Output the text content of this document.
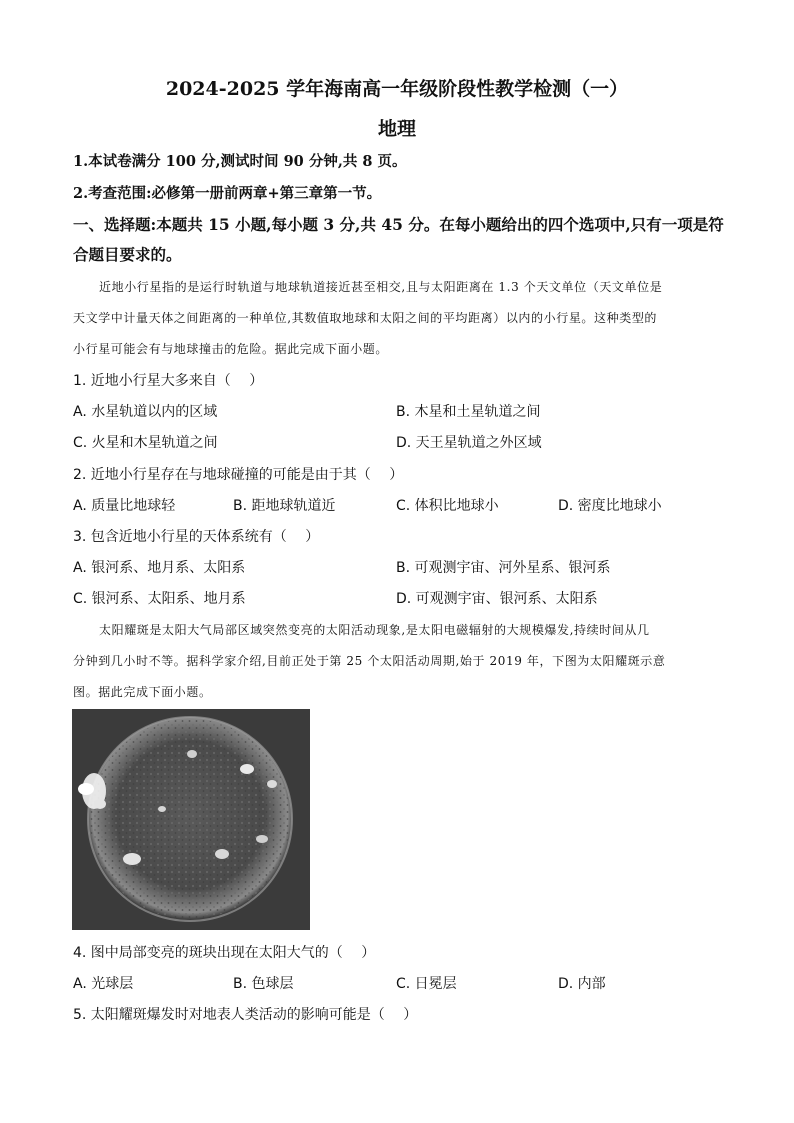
2024-2025 学年海南高一年级阶段性教学检测（一）
地理
1.本试卷满分 100 分,测试时间 90 分钟,共 8 页。
2.考查范围:必修第一册前两章+第三章第一节。
一、选择题:本题共 15 小题,每小题 3 分,共 45 分。在每小题给出的四个选项中,只有一项是符
合题目要求的。
近地小行星指的是运行时轨道与地球轨道接近甚至相交,且与太阳距离在 1.3 个天文单位（天文单位是
天文学中计量天体之间距离的一种单位,其数值取地球和太阳之间的平均距离）以内的小行星。这种类型的
小行星可能会有与地球撞击的危险。据此完成下面小题。
1. 近地小行星大多来自（　 ）
A. 水星轨道以内的区域	B. 木星和土星轨道之间
C. 火星和木星轨道之间	D. 天王星轨道之外区域
2. 近地小行星存在与地球碰撞的可能是由于其（　 ）
A. 质量比地球轻	B. 距地球轨道近	C. 体积比地球小	D. 密度比地球小
3. 包含近地小行星的天体系统有（　 ）
A. 银河系、地月系、太阳系	B. 可观测宇宙、河外星系、银河系
C. 银河系、太阳系、地月系	D. 可观测宇宙、银河系、太阳系
太阳耀斑是太阳大气局部区域突然变亮的太阳活动现象,是太阳电磁辐射的大规模爆发,持续时间从几
分钟到几小时不等。据科学家介绍,目前正处于第 25 个太阳活动周期,始于 2019 年，下图为太阳耀斑示意
图。据此完成下面小题。
4. 图中局部变亮的斑块出现在太阳大气的（　 ）
A. 光球层	B. 色球层	C. 日冕层	D. 内部
5. 太阳耀斑爆发时对地表人类活动的影响可能是（　 ）
